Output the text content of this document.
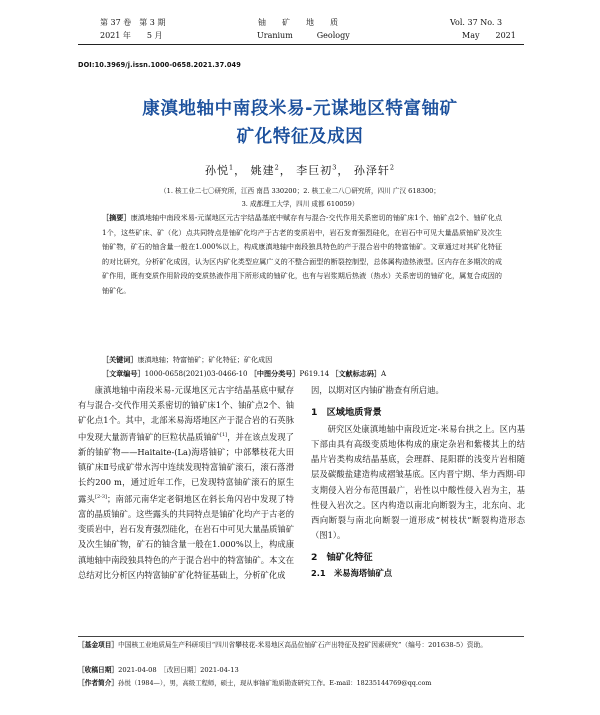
第 37 卷　第 3 期
2021 年　　5 月
铀　　矿　　地　　质
Uranium　　　Geology
Vol. 37 No. 3
May　　2021
DOI:10.3969/j.issn.1000-0658.2021.37.049
康滇地轴中南段米易-元谋地区特富铀矿
矿化特征及成因
孙悦$^1$， 姚建$^2$， 李巨初$^3$， 孙泽轩$^2$
（1. 核工业二七〇研究所，江西 南昌 330200；2. 核工业二八〇研究所，四川 广汉 618300；
3. 成都理工大学，四川 成都 610059）
［摘要］康滇地轴中南段米易-元谋地区元古宇结晶基底中赋存有与混合-交代作用关系密切的铀矿床1个、铀矿点2个、铀矿化点1个，这些矿床、矿（化）点共同特点是铀矿化均产于古老的变质岩中，岩石发育强烈硅化，在岩石中可见大量晶质铀矿及次生铀矿物，矿石的铀含量一般在1.000%以上，构成康滇地轴中南段独具特色的产于混合岩中的特富铀矿。文章通过对其矿化特征的对比研究，分析矿化成因，认为区内矿化类型应属广义的不整合面型的断裂控制型，总体属构造热液型。区内存在多期次的成矿作用，既有变质作用阶段的变质热液作用下所形成的铀矿化，也有与岩浆期后热液（热水）关系密切的铀矿化，属复合成因的铀矿化。
［关键词］康滇地轴；特富铀矿；矿化特征；矿化成因
［文章编号］1000-0658(2021)03-0466-10 ［中图分类号］P619.14 ［文献标志码］A
康滇地轴中南段米易-元谋地区元古宇结晶基底中赋存有与混合-交代作用关系密切的铀矿床1个、铀矿点2个、铀矿化点1个。其中，北部米易海塔地区产于混合岩的石英脉中发现大量沥青铀矿的巨粒状晶质铀矿[1]，并在该点发现了新的铀矿物——Haitaite-(La)海塔铀矿；中部攀枝花大田镇矿床Ⅱ号成矿带水泻中连续发现特富铀矿滚石，滚石落滑长约200 m，通过近年工作，已发现特富铀矿滚石的原生露头[2-3]；南部元南华定老铜地区在斜长角闪岩中发现了特富的晶质铀矿。这些露头的共同特点是铀矿化均产于古老的变质岩中，岩石发育强烈硅化，在岩石中可见大量晶质铀矿及次生铀矿物，矿石的铀含量一般在1.000%以上，构成康滇地轴中南段独具特色的产于混合岩中的特富铀矿。本文在总结对比分析区内特富铀矿矿化特征基础上，分析矿化成

因，以期对区内铀矿勘查有所启迪。

1　区域地质背景

研究区处康滇地轴中南段近定-米易台拱之上。区内基下部由具有高级变质地体构成的康定杂岩和紫楼其上的结晶片岩类构成结晶基底，会理群、昆阳群的浅变片岩相随层及碳酸盐建造构成褶皱基底。区内晋宁期、华力西期-印支期侵入岩分布范围最广，岩性以中酸性侵入岩为主，基性侵入岩次之。区内构造以南北向断裂为主，北东向、北西向断裂与南北向断裂一道形成“树枝状”断裂构造形态（图1）。

2　铀矿化特征

2.1　米易海塔铀矿点

［基金项目］中国核工业地质局生产科研项目“四川省攀枝花-米易地区高品位铀矿石产出特征及控矿因素研究”（编号：201638-5）资助。
［收稿日期］2021-04-08　［改回日期］2021-04-13
［作者简介］孙悦（1984—），男，高级工程师，硕士，现从事铀矿地质勘查研究工作。E-mail：18235144769@qq.com
